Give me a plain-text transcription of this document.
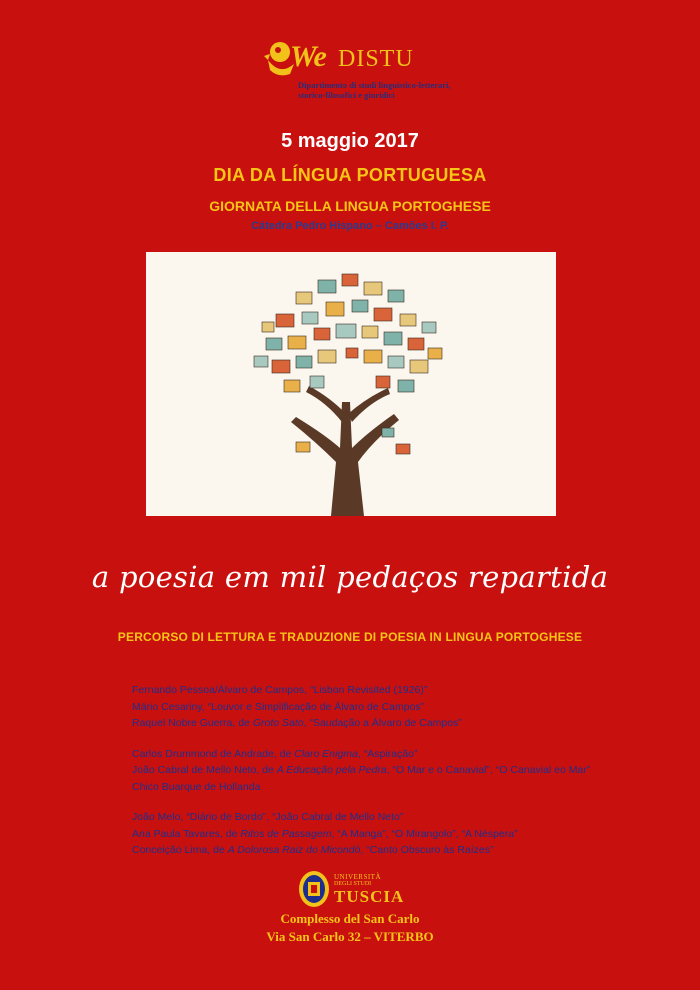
We DISTU
Dipartimento di studi linguistico-letterari, storico-filosofici e giuridici
5 maggio 2017
DIA DA LÍNGUA PORTUGUESA
GIORNATA DELLA LINGUA PORTOGHESE
Cátedra Pedro Hispano – Camões I. P.
a poesia em mil pedaços repartida
PERCORSO DI LETTURA E TRADUZIONE DI POESIA IN LINGUA PORTOGHESE
Fernando Pessoa/Álvaro de Campos, “Lisbon Revisited (1926)”
Mário Cesariny, “Louvor e Simplificação de Álvaro de Campos”
Raquel Nobre Guerra, de Groto Sato, “Saudação a Álvaro de Campos”
Carlos Drummond de Andrade, de Claro Enigma, “Aspiração”
João Cabral de Mello Neto, de A Educação pela Pedra, “O Mar e o Canavial”, “O Canavial eo Mar”
Chico Buarque de Hollanda
João Melo, “Diário de Bordo”, “João Cabral de Mello Neto”
Ana Paula Tavares, de Ritos de Passagem, “A Manga”, “O Mirangolo”, “A Néspera”
Conceição Lima, de A Dolorosa Raiz do Micondó, “Canto Obscuro às Raízes”
UNIVERSITÀ
DEGLI STUDI
TUSCIA
Complesso del San Carlo
Via San Carlo 32 – VITERBO
